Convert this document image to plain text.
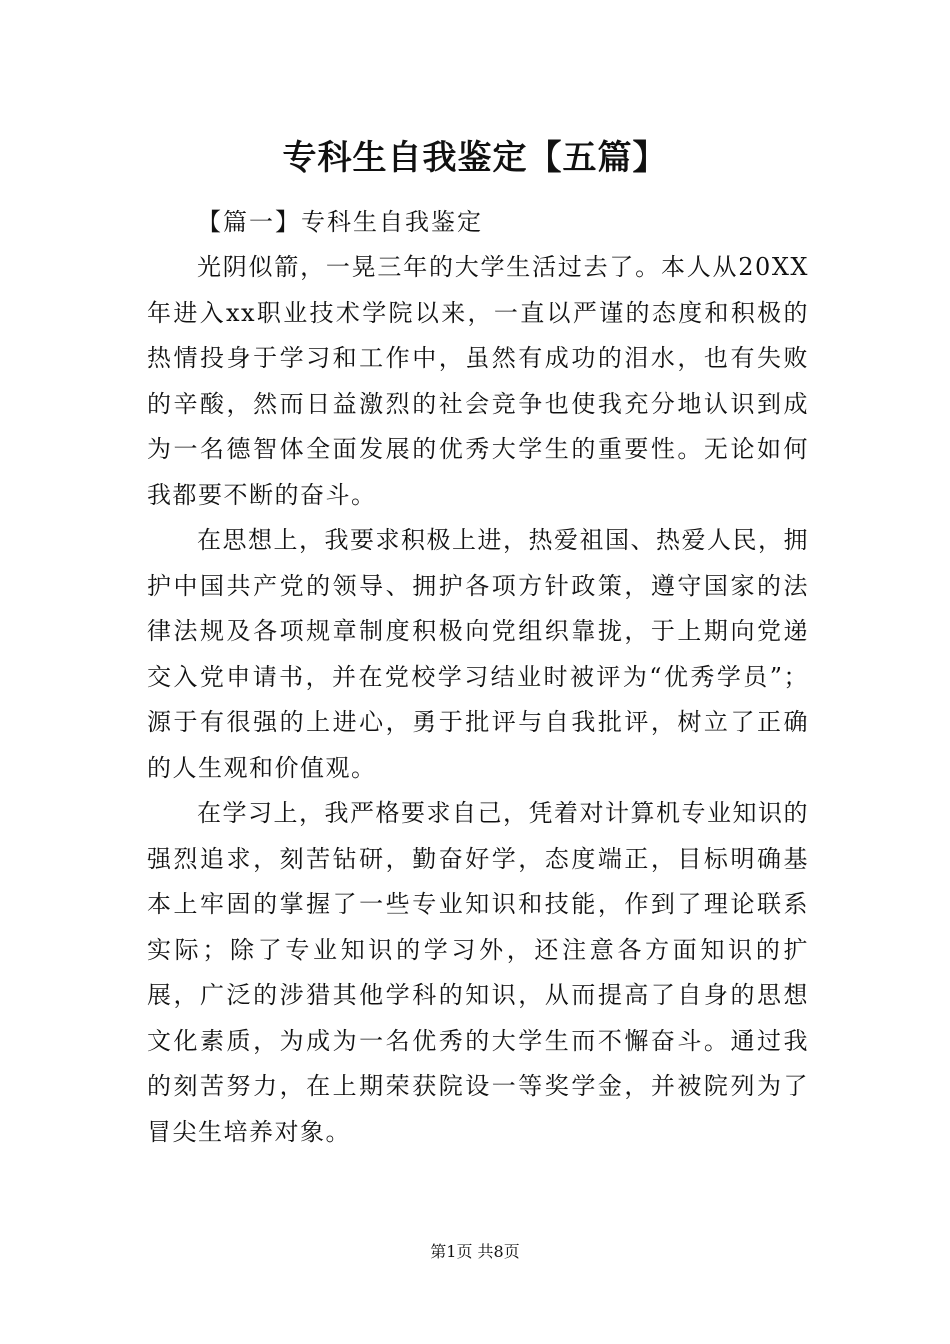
专科生自我鉴定【五篇】
【篇一】专科生自我鉴定

光阴似箭，一晃三年的大学生活过去了。本人从20XX年进入xx职业技术学院以来，一直以严谨的态度和积极的热情投身于学习和工作中，虽然有成功的泪水，也有失败的辛酸，然而日益激烈的社会竞争也使我充分地认识到成为一名德智体全面发展的优秀大学生的重要性。无论如何我都要不断的奋斗。

在思想上，我要求积极上进，热爱祖国、热爱人民，拥护中国共产党的领导、拥护各项方针政策，遵守国家的法律法规及各项规章制度积极向党组织靠拢，于上期向党递交入党申请书，并在党校学习结业时被评为“优秀学员”；源于有很强的上进心，勇于批评与自我批评，树立了正确的人生观和价值观。

在学习上，我严格要求自己，凭着对计算机专业知识的强烈追求，刻苦钻研，勤奋好学，态度端正，目标明确基本上牢固的掌握了一些专业知识和技能，作到了理论联系实际；除了专业知识的学习外，还注意各方面知识的扩展，广泛的涉猎其他学科的知识，从而提高了自身的思想文化素质，为成为一名优秀的大学生而不懈奋斗。通过我的刻苦努力，在上期荣获院设一等奖学金，并被院列为了冒尖生培养对象。

第1页 共8页
